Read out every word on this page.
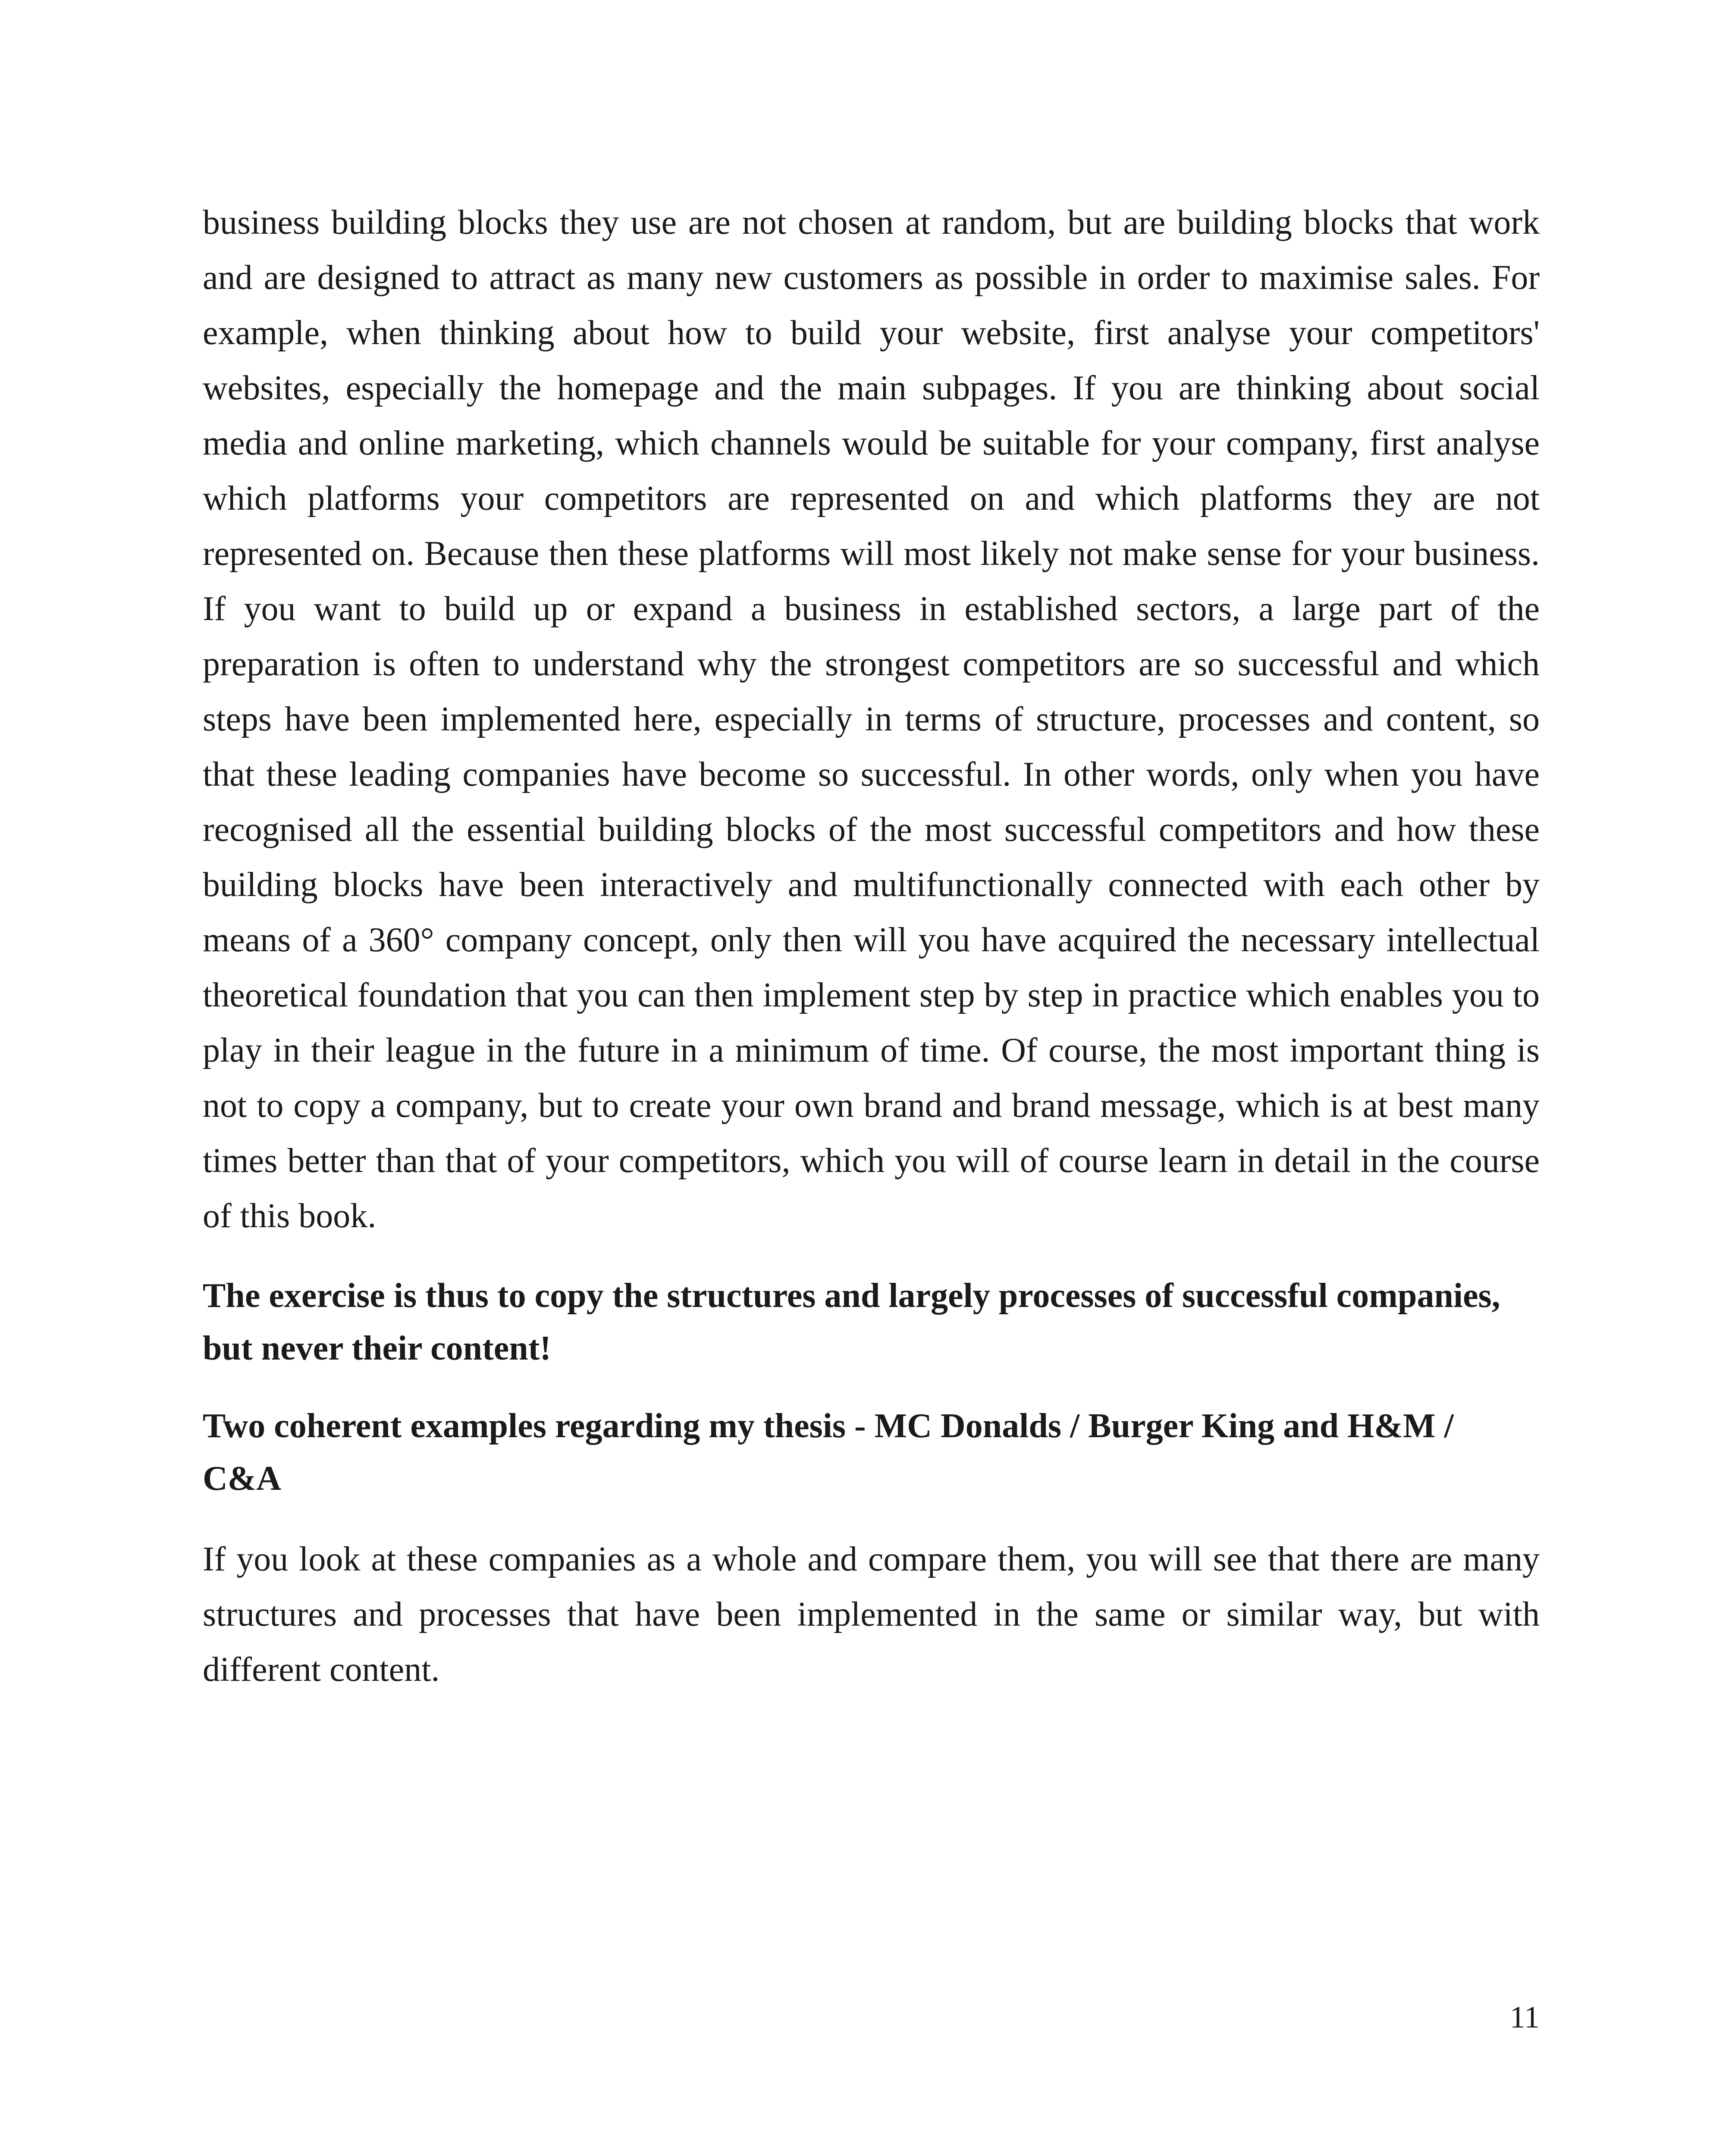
business building blocks they use are not chosen at random, but are building blocks that work and are designed to attract as many new customers as possible in order to maximise sales. For example, when thinking about how to build your website, first analyse your competitors' websites, especially the homepage and the main subpages. If you are thinking about social media and online marketing, which channels would be suitable for your company, first analyse which platforms your competitors are represented on and which platforms they are not represented on. Because then these platforms will most likely not make sense for your business. If you want to build up or expand a business in established sectors, a large part of the preparation is often to understand why the strongest competitors are so successful and which steps have been implemented here, especially in terms of structure, processes and content, so that these leading companies have become so successful. In other words, only when you have recognised all the essential building blocks of the most successful competitors and how these building blocks have been interactively and multifunctionally connected with each other by means of a 360° company concept, only then will you have acquired the necessary intellectual theoretical foundation that you can then implement step by step in practice which enables you to play in their league in the future in a minimum of time. Of course, the most important thing is not to copy a company, but to create your own brand and brand message, which is at best many times better than that of your competitors, which you will of course learn in detail in the course of this book.

The exercise is thus to copy the structures and largely processes of successful companies, but never their content!

Two coherent examples regarding my thesis - MC Donalds / Burger King and H&M / C&A

If you look at these companies as a whole and compare them, you will see that there are many structures and processes that have been implemented in the same or similar way, but with different content.

11
